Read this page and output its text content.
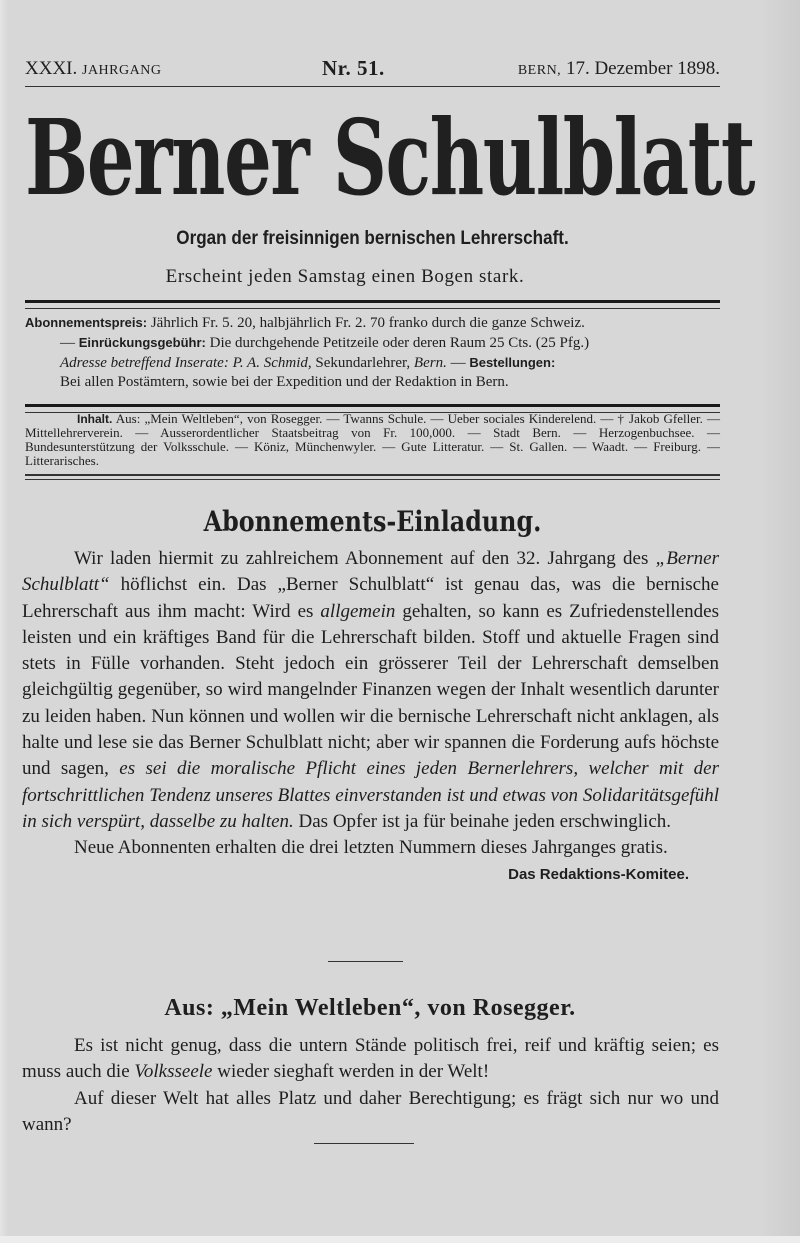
XXXI. JAHRGANG	Nr. 51.	BERN, 17. Dezember 1898.
Berner Schulblatt
Organ der freisinnigen bernischen Lehrerschaft.
Erscheint jeden Samstag einen Bogen stark.
Abonnementspreis: Jährlich Fr. 5. 20, halbjährlich Fr. 2. 70 franko durch die ganze Schweiz.
— Einrückungsgebühr: Die durchgehende Petitzeile oder deren Raum 25 Cts. (25 Pfg.)
Adresse betreffend Inserate: P. A. Schmid, Sekundarlehrer, Bern. — Bestellungen:
Bei allen Postämtern, sowie bei der Expedition und der Redaktion in Bern.
Inhalt. Aus: „Mein Weltleben“, von Rosegger. — Twanns Schule. — Ueber sociales Kinderelend. — † Jakob Gfeller. — Mittellehrerverein. — Ausserordentlicher Staatsbeitrag von Fr. 100,000. — Stadt Bern. — Herzogenbuchsee. — Bundesunterstützung der Volksschule. — Köniz, Münchenwyler. — Gute Litteratur. — St. Gallen. — Waadt. — Freiburg. — Litterarisches.
Abonnements-Einladung.

Wir laden hiermit zu zahlreichem Abonnement auf den 32. Jahrgang des „Berner Schulblatt“ höflichst ein. Das „Berner Schulblatt“ ist genau das, was die bernische Lehrerschaft aus ihm macht: Wird es allgemein gehalten, so kann es Zufriedenstellendes leisten und ein kräftiges Band für die Lehrerschaft bilden. Stoff und aktuelle Fragen sind stets in Fülle vorhanden. Steht jedoch ein grösserer Teil der Lehrerschaft demselben gleichgültig gegenüber, so wird mangelnder Finanzen wegen der Inhalt wesentlich darunter zu leiden haben. Nun können und wollen wir die bernische Lehrerschaft nicht anklagen, als halte und lese sie das Berner Schulblatt nicht; aber wir spannen die Forderung aufs höchste und sagen, es sei die moralische Pflicht eines jeden Bernerlehrers, welcher mit der fortschrittlichen Tendenz unseres Blattes einverstanden ist und etwas von Solidaritätsgefühl in sich verspürt, dasselbe zu halten. Das Opfer ist ja für beinahe jeden erschwinglich.

Neue Abonnenten erhalten die drei letzten Nummern dieses Jahrganges gratis.

Das Redaktions-Komitee.
Aus: „Mein Weltleben“, von Rosegger.

Es ist nicht genug, dass die untern Stände politisch frei, reif und kräftig seien; es muss auch die Volksseele wieder sieghaft werden in der Welt!

Auf dieser Welt hat alles Platz und daher Berechtigung; es frägt sich nur wo und wann?
